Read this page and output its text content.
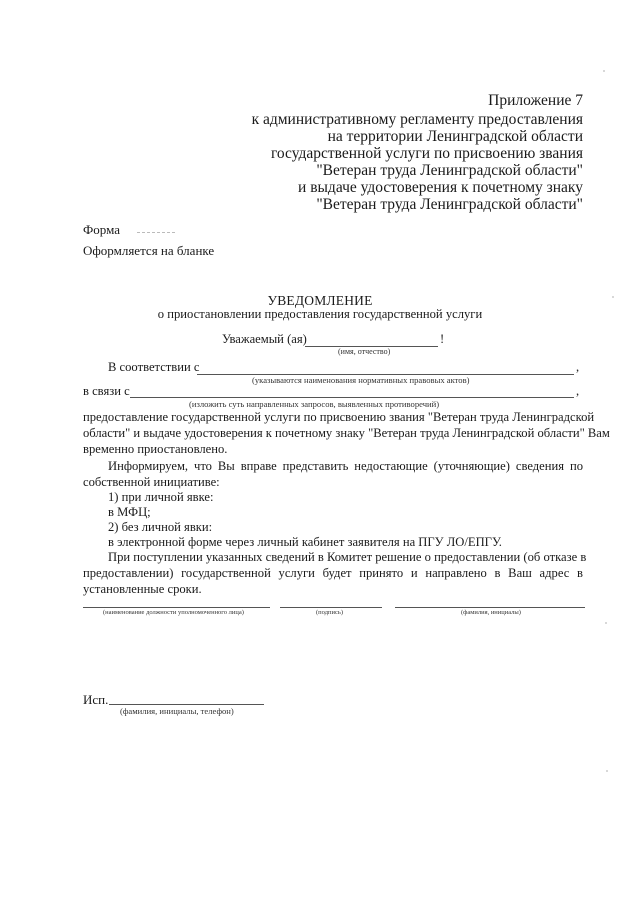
Приложение 7
к административному регламенту предоставления
на территории Ленинградской области
государственной услуги по присвоению звания
"Ветеран труда Ленинградской области"
и выдаче удостоверения к почетному знаку
"Ветеран труда Ленинградской области"
Форма
Оформляется на бланке
УВЕДОМЛЕНИЕ
о приостановлении предоставления государственной услуги
Уважаемый (ая)	!
(имя, отчество)
В соответствии с	,
(указываются наименования нормативных правовых актов)
в связи с	,
(изложить суть направленных запросов, выявленных противоречий)
предоставление государственной услуги по присвоению звания "Ветеран труда Ленинградской
области" и выдаче удостоверения к почетному знаку "Ветеран труда Ленинградской области" Вам
временно приостановлено.
Информируем, что Вы вправе представить недостающие (уточняющие) сведения по
собственной инициативе:
1) при личной явке:
в МФЦ;
2) без личной явки:
в электронной форме через личный кабинет заявителя на ПГУ ЛО/ЕПГУ.
При поступлении указанных сведений в Комитет решение о предоставлении (об отказе в
предоставлении) государственной услуги будет принято и направлено в Ваш адрес в
установленные сроки.
(наименование должности уполномоченного лица)	(подпись)	(фамилия, инициалы)
Исп.
(фамилия, инициалы, телефон)
